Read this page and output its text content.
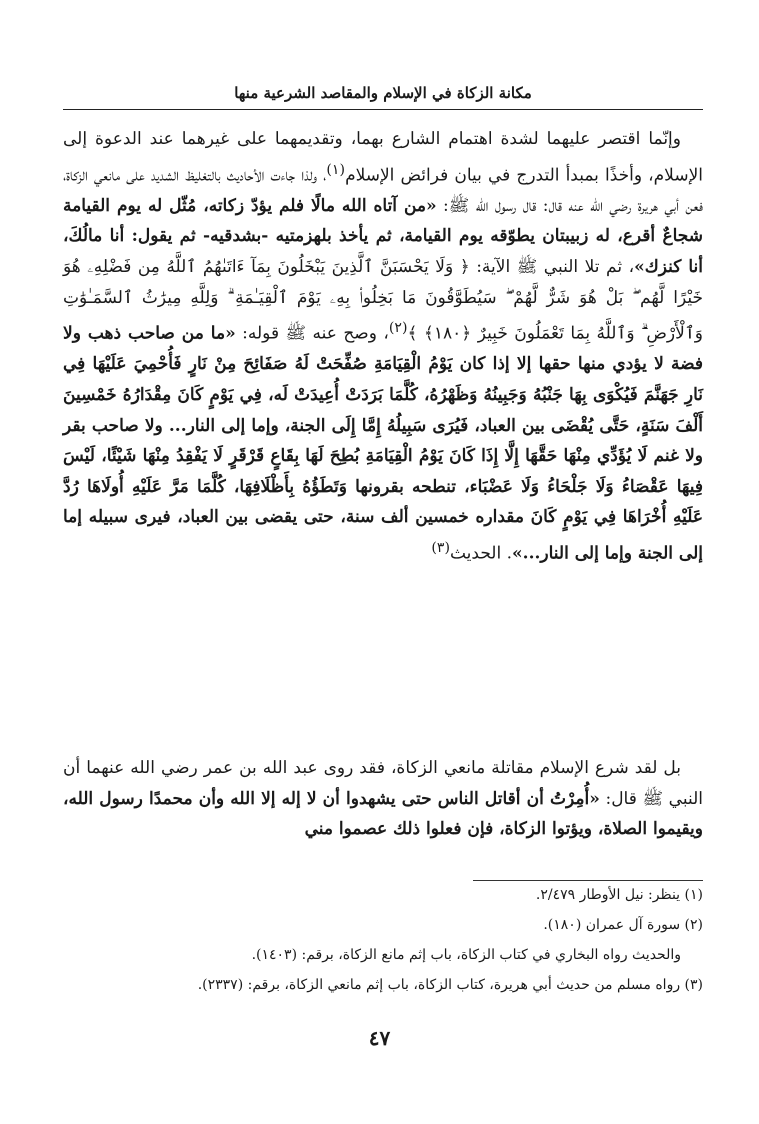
مكانة الزكاة في الإسلام والمقاصد الشرعية منها

وإنّما اقتصر عليهما لشدة اهتمام الشارع بهما، وتقديمهما على غيرهما عند الدعوة إلى الإسلام، وأخذًا بمبدأ التدرج في بيان فرائض الإسلام$^{(١)}$، ولذا جاءت الأحاديث بالتغليظ الشديد على مانعي الزكاة، فعن أبي هريرة رضي الله عنه قال: قال رسول الله ﷺ: «من آتاه الله مالًا فلم يؤدّ زكاته، مُثّل له يوم القيامة شجاعٌ أقرع، له زبيبتان يطوّقه يوم القيامة، ثم يأخذ بلهزمتيه -بشدقيه- ثم يقول: أنا مالُكَ، أنا كنزك»، ثم تلا النبي ﷺ الآية: ﴿ وَلَا يَحْسَبَنَّ ٱلَّذِينَ يَبْخَلُونَ بِمَآ ءَاتَىٰهُمُ ٱللَّهُ مِن فَضْلِهِۦ هُوَ خَيْرًا لَّهُم ۖ بَلْ هُوَ شَرٌّ لَّهُمْ ۖ سَيُطَوَّقُونَ مَا بَخِلُوا۟ بِهِۦ يَوْمَ ٱلْقِيَـٰمَةِ ۗ وَلِلَّهِ مِيرَٰثُ ٱلسَّمَـٰوَٰتِ وَٱلْأَرْضِ ۗ وَٱللَّهُ بِمَا تَعْمَلُونَ خَبِيرٌ ﴿١٨٠﴾ ﴾$^{(٢)}$، وصح عنه ﷺ قوله: «ما من صاحب ذهب ولا فضة لا يؤدي منها حقها إلا إذا كان يَوْمُ الْقِيَامَةِ صُفِّحَتْ لَهُ صَفَائِحَ مِنْ نَارٍ فَأُحْمِيَ عَلَيْهَا فِي نَارِ جَهَنَّمَ فَيُكْوَى بِهَا جَنْبُهُ وَجَبِينُهُ وَظَهْرُهُ، كُلَّمَا بَرَدَتْ أُعِيدَتْ لَه، فِي يَوْمٍ كَانَ مِقْدَارُهُ خَمْسِينَ أَلْفَ سَنَةٍ، حَتَّى يُقْضَى بين العباد، فَيُرَى سَبِيلُهُ إِمَّا إِلَى الجنة، وإما إلى النار... ولا صاحب بقر ولا غنم لَا يُؤَدِّي مِنْهَا حَقَّهَا إِلَّا إِذَا كَانَ يَوْمُ الْقِيَامَةِ بُطِحَ لَهَا بِقَاعٍ قَرْقَرٍ لَا يَفْقِدُ مِنْهَا شَيْئًا، لَيْسَ فِيهَا عَقْصَاءُ وَلَا جَلْحَاءُ وَلَا عَضْبَاء، تنطحه بقرونها وَتَطَؤُهُ بِأَظْلَافِهَا، كُلَّمَا مَرَّ عَلَيْهِ أُولَاهَا رُدَّ عَلَيْهِ أُخْرَاهَا فِي يَوْمٍ كَانَ مقداره خمسين ألف سنة، حتى يقضى بين العباد، فيرى سبيله إما إلى الجنة وإما إلى النار...». الحديث$^{(٣)}$

بل لقد شرع الإسلام مقاتلة مانعي الزكاة، فقد روى عبد الله بن عمر رضي الله عنهما أن النبي ﷺ قال: «أُمِرْتُ أن أقاتل الناس حتى يشهدوا أن لا إله إلا الله وأن محمدًا رسول الله، ويقيموا الصلاة، ويؤتوا الزكاة، فإن فعلوا ذلك عصموا مني

(١) ينظر: نيل الأوطار ٢/٤٧٩.
(٢) سورة آل عمران (١٨٠).
والحديث رواه البخاري في كتاب الزكاة، باب إثم مانع الزكاة، برقم: (١٤٠٣).
(٣) رواه مسلم من حديث أبي هريرة، كتاب الزكاة، باب إثم مانعي الزكاة، برقم: (٢٣٣٧).
٤٧
